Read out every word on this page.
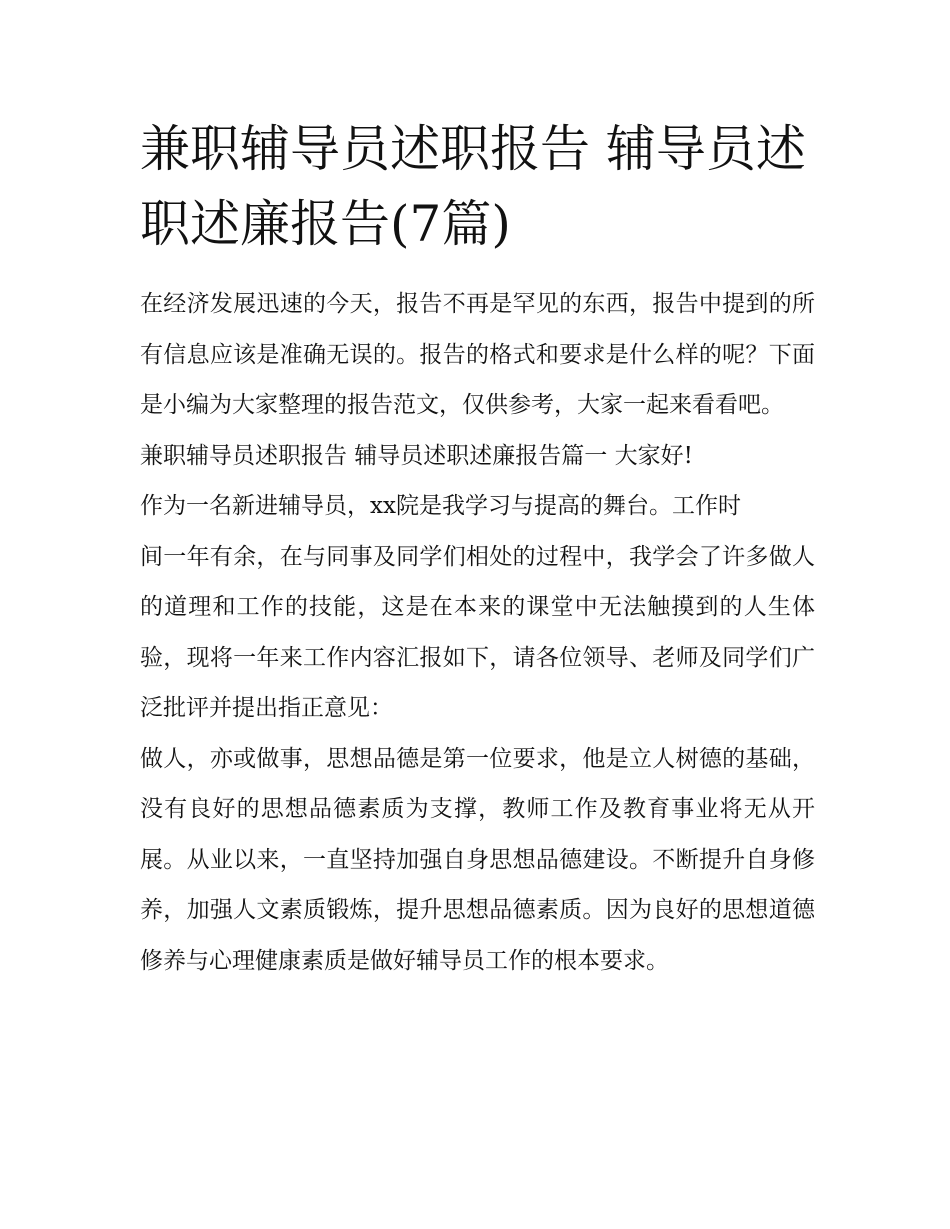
兼职辅导员述职报告 辅导员述职述廉报告(7篇)

在经济发展迅速的今天，报告不再是罕见的东西，报告中提到的所有信息应该是准确无误的。报告的格式和要求是什么样的呢？下面是小编为大家整理的报告范文，仅供参考，大家一起来看看吧。

兼职辅导员述职报告 辅导员述职述廉报告篇一 大家好!

作为一名新进辅导员，xx院是我学习与提高的舞台。工作时

间一年有余，在与同事及同学们相处的过程中，我学会了许多做人的道理和工作的技能，这是在本来的课堂中无法触摸到的人生体验，现将一年来工作内容汇报如下，请各位领导、老师及同学们广泛批评并提出指正意见：

做人，亦或做事，思想品德是第一位要求，他是立人树德的基础，没有良好的思想品德素质为支撑，教师工作及教育事业将无从开展。从业以来，一直坚持加强自身思想品德建设。不断提升自身修养，加强人文素质锻炼，提升思想品德素质。因为良好的思想道德修养与心理健康素质是做好辅导员工作的根本要求。
